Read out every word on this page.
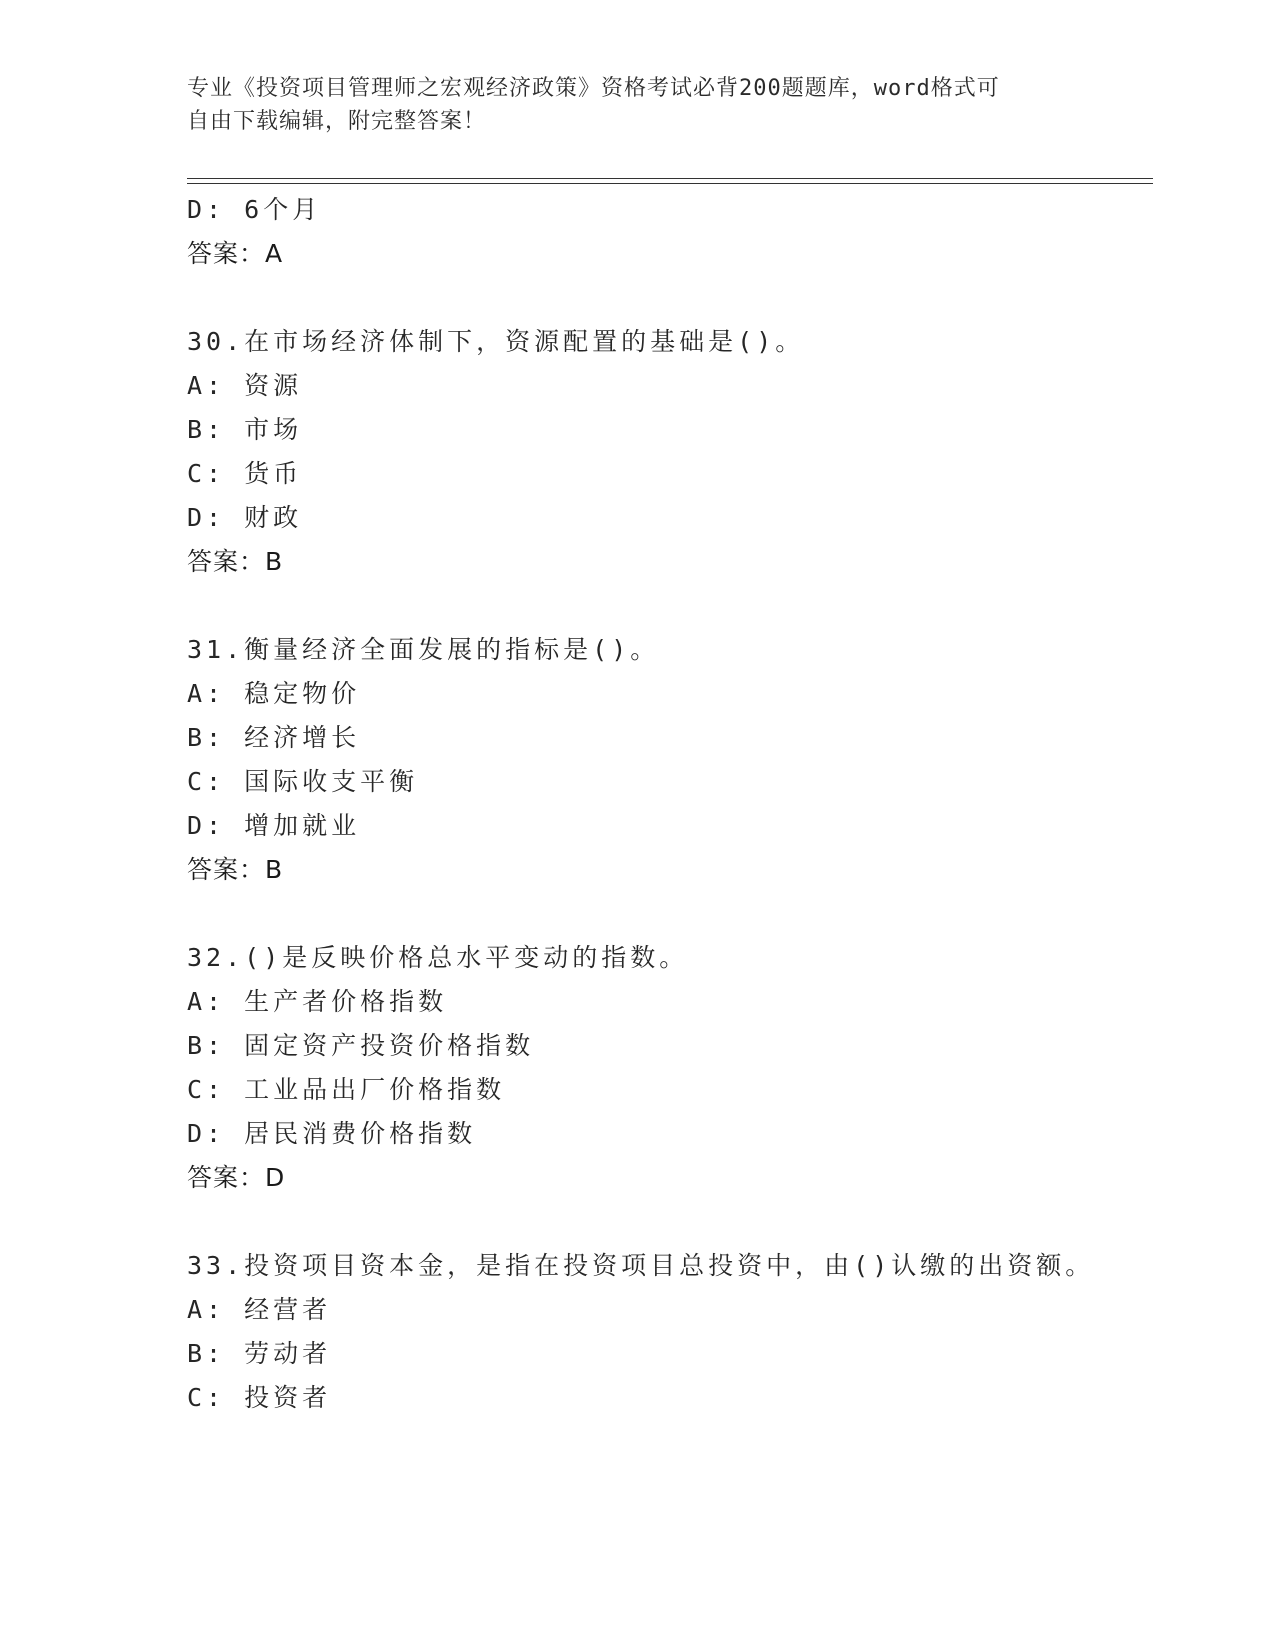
专业《投资项目管理师之宏观经济政策》资格考试必背200题题库，word格式可
自由下载编辑，附完整答案！
D: 6个月
答案：A
30.在市场经济体制下，资源配置的基础是()。
A: 资源
B: 市场
C: 货币
D: 财政
答案：B
31.衡量经济全面发展的指标是()。
A: 稳定物价
B: 经济增长
C: 国际收支平衡
D: 增加就业
答案：B
32.()是反映价格总水平变动的指数。
A: 生产者价格指数
B: 固定资产投资价格指数
C: 工业品出厂价格指数
D: 居民消费价格指数
答案：D
33.投资项目资本金，是指在投资项目总投资中，由()认缴的出资额。
A: 经营者
B: 劳动者
C: 投资者
